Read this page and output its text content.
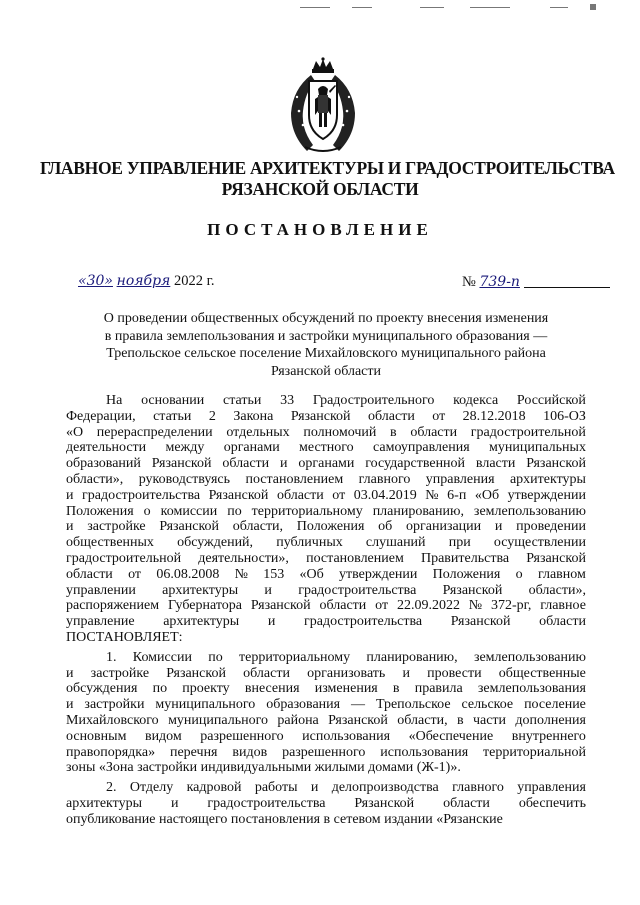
ГЛАВНОЕ УПРАВЛЕНИЕ АРХИТЕКТУРЫ И ГРАДОСТРОИТЕЛЬСТВА
РЯЗАНСКОЙ ОБЛАСТИ
ПОСТАНОВЛЕНИЕ
«30» ноября 2022 г.	№ 739-п
О проведении общественных обсуждений по проекту внесения изменения
в правила землепользования и застройки муниципального образования —
Трепольское сельское поселение Михайловского муниципального района
Рязанской области
На основании статьи 33 Градостроительного кодекса Российской
Федерации, статьи 2 Закона Рязанской области от 28.12.2018 106-ОЗ
«О перераспределении отдельных полномочий в области градостроительной
деятельности между органами местного самоуправления муниципальных
образований Рязанской области и органами государственной власти Рязанской
области», руководствуясь постановлением главного управления архитектуры
и градостроительства Рязанской области от 03.04.2019 № 6-п «Об утверждении
Положения о комиссии по территориальному планированию, землепользованию
и застройке Рязанской области, Положения об организации и проведении
общественных обсуждений, публичных слушаний при осуществлении
градостроительной деятельности», постановлением Правительства Рязанской
области от 06.08.2008 № 153 «Об утверждении Положения о главном
управлении архитектуры и градостроительства Рязанской области»,
распоряжением Губернатора Рязанской области от 22.09.2022 № 372-рг, главное
управление архитектуры и градостроительства Рязанской области
ПОСТАНОВЛЯЕТ:
1. Комиссии по территориальному планированию, землепользованию
и застройке Рязанской области организовать и провести общественные
обсуждения по проекту внесения изменения в правила землепользования
и застройки муниципального образования — Трепольское сельское поселение
Михайловского муниципального района Рязанской области, в части дополнения
основным видом разрешенного использования «Обеспечение внутреннего
правопорядка» перечня видов разрешенного использования территориальной
зоны «Зона застройки индивидуальными жилыми домами (Ж-1)».
2. Отделу кадровой работы и делопроизводства главного управления
архитектуры и градостроительства Рязанской области обеспечить
опубликование настоящего постановления в сетевом издании «Рязанские
